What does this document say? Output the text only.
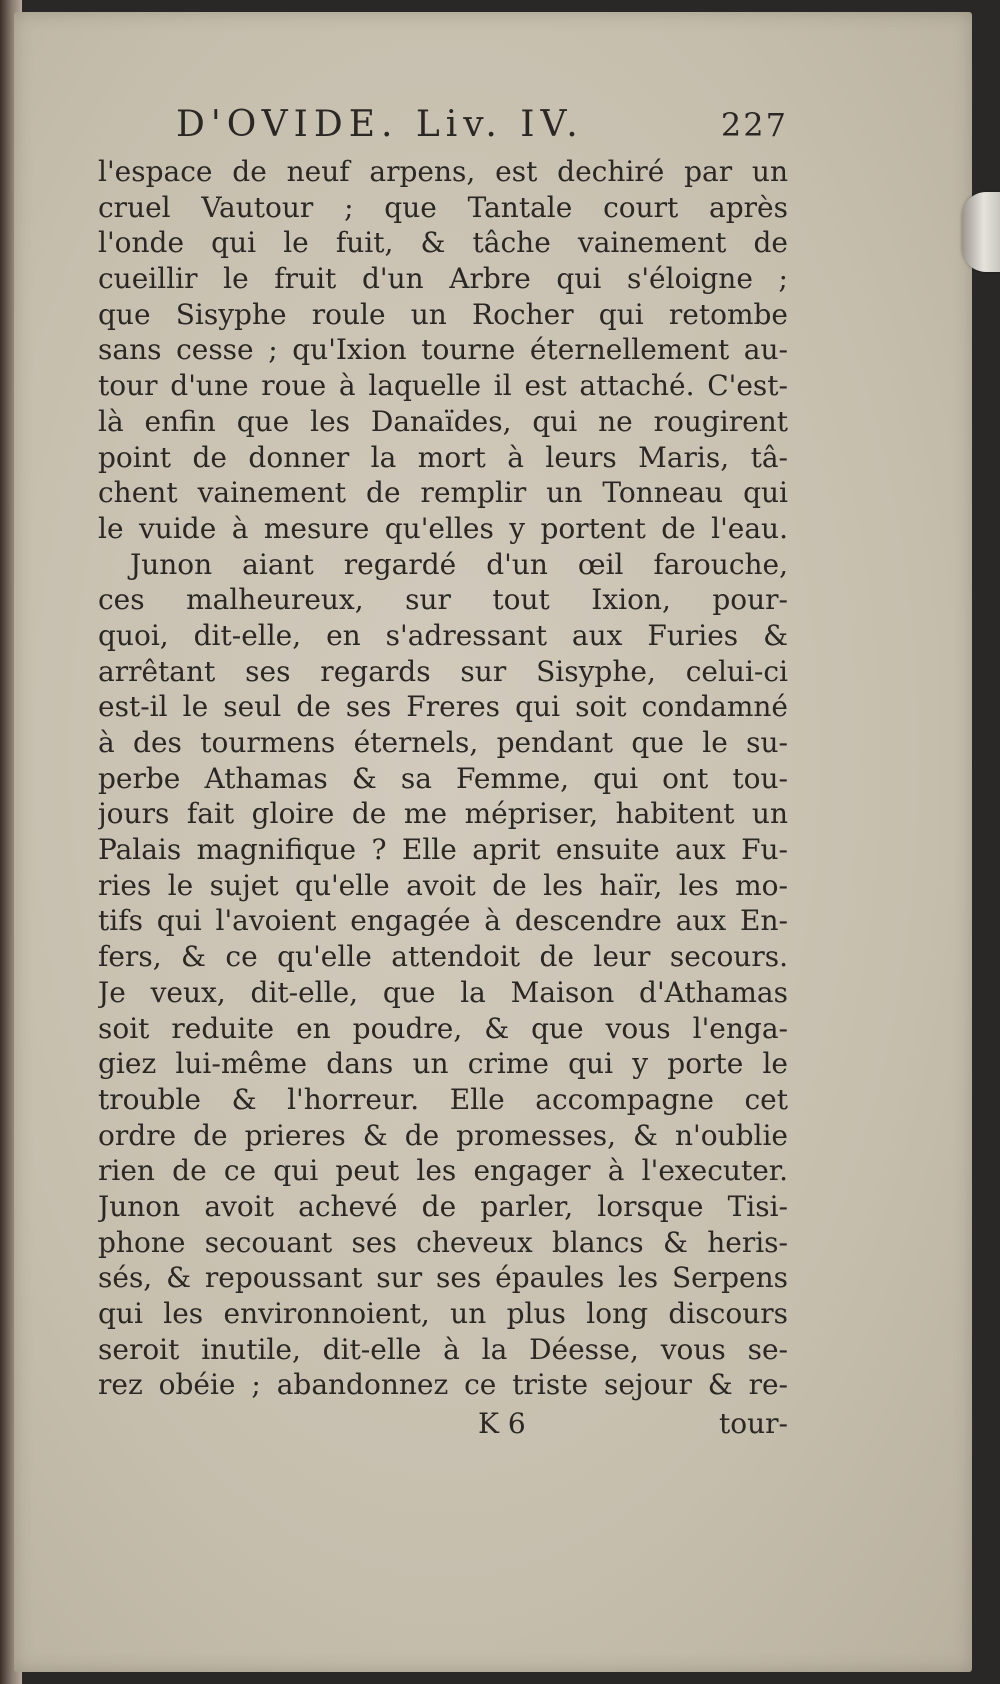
D'OVIDE. Liv. IV.	227
l'espace de neuf arpens, est dechiré par un
cruel Vautour ; que Tantale court après
l'onde qui le fuit, & tâche vainement de
cueillir le fruit d'un Arbre qui s'éloigne ;
que Sisyphe roule un Rocher qui retombe
sans cesse ; qu'Ixion tourne éternellement au-
tour d'une roue à laquelle il est attaché. C'est-
là enfin que les Danaïdes, qui ne rougirent
point de donner la mort à leurs Maris, tâ-
chent vainement de remplir un Tonneau qui
le vuide à mesure qu'elles y portent de l'eau.
Junon aiant regardé d'un œil farouche,
ces malheureux, sur tout Ixion, pour-
quoi, dit-elle, en s'adressant aux Furies &
arrêtant ses regards sur Sisyphe, celui-ci
est-il le seul de ses Freres qui soit condamné
à des tourmens éternels, pendant que le su-
perbe Athamas & sa Femme, qui ont tou-
jours fait gloire de me mépriser, habitent un
Palais magnifique ? Elle aprit ensuite aux Fu-
ries le sujet qu'elle avoit de les haïr, les mo-
tifs qui l'avoient engagée à descendre aux En-
fers, & ce qu'elle attendoit de leur secours.
Je veux, dit-elle, que la Maison d'Athamas
soit reduite en poudre, & que vous l'enga-
giez lui-même dans un crime qui y porte le
trouble & l'horreur. Elle accompagne cet
ordre de prieres & de promesses, & n'oublie
rien de ce qui peut les engager à l'executer.
Junon avoit achevé de parler, lorsque Tisi-
phone secouant ses cheveux blancs & heris-
sés, & repoussant sur ses épaules les Serpens
qui les environnoient, un plus long discours
seroit inutile, dit-elle à la Déesse, vous se-
rez obéie ; abandonnez ce triste sejour & re-
K 6	tour-
